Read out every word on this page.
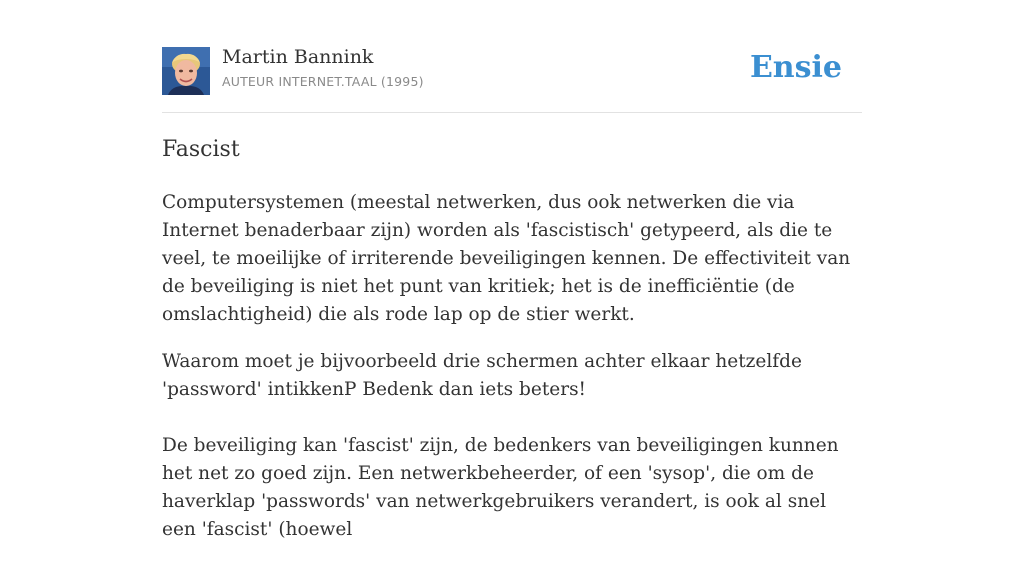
Martin Bannink
AUTEUR INTERNET.TAAL (1995)	Ensie
Fascist

Computersystemen (meestal netwerken, dus ook netwerken die via Internet benaderbaar zijn) worden als 'fascistisch' getypeerd, als die te veel, te moeilijke of irriterende beveiligingen kennen. De effectiviteit van de beveiliging is niet het punt van kritiek; het is de inefficiëntie (de omslachtigheid) die als rode lap op de stier werkt.

Waarom moet je bijvoorbeeld drie schermen achter elkaar hetzelfde 'password' intikkenP Bedenk dan iets beters!

De beveiliging kan 'fascist' zijn, de bedenkers van beveiligingen kunnen het net zo goed zijn. Een netwerkbeheerder, of een 'sysop', die om de haverklap 'passwords' van netwerkgebruikers verandert, is ook al snel een 'fascist' (hoewel
